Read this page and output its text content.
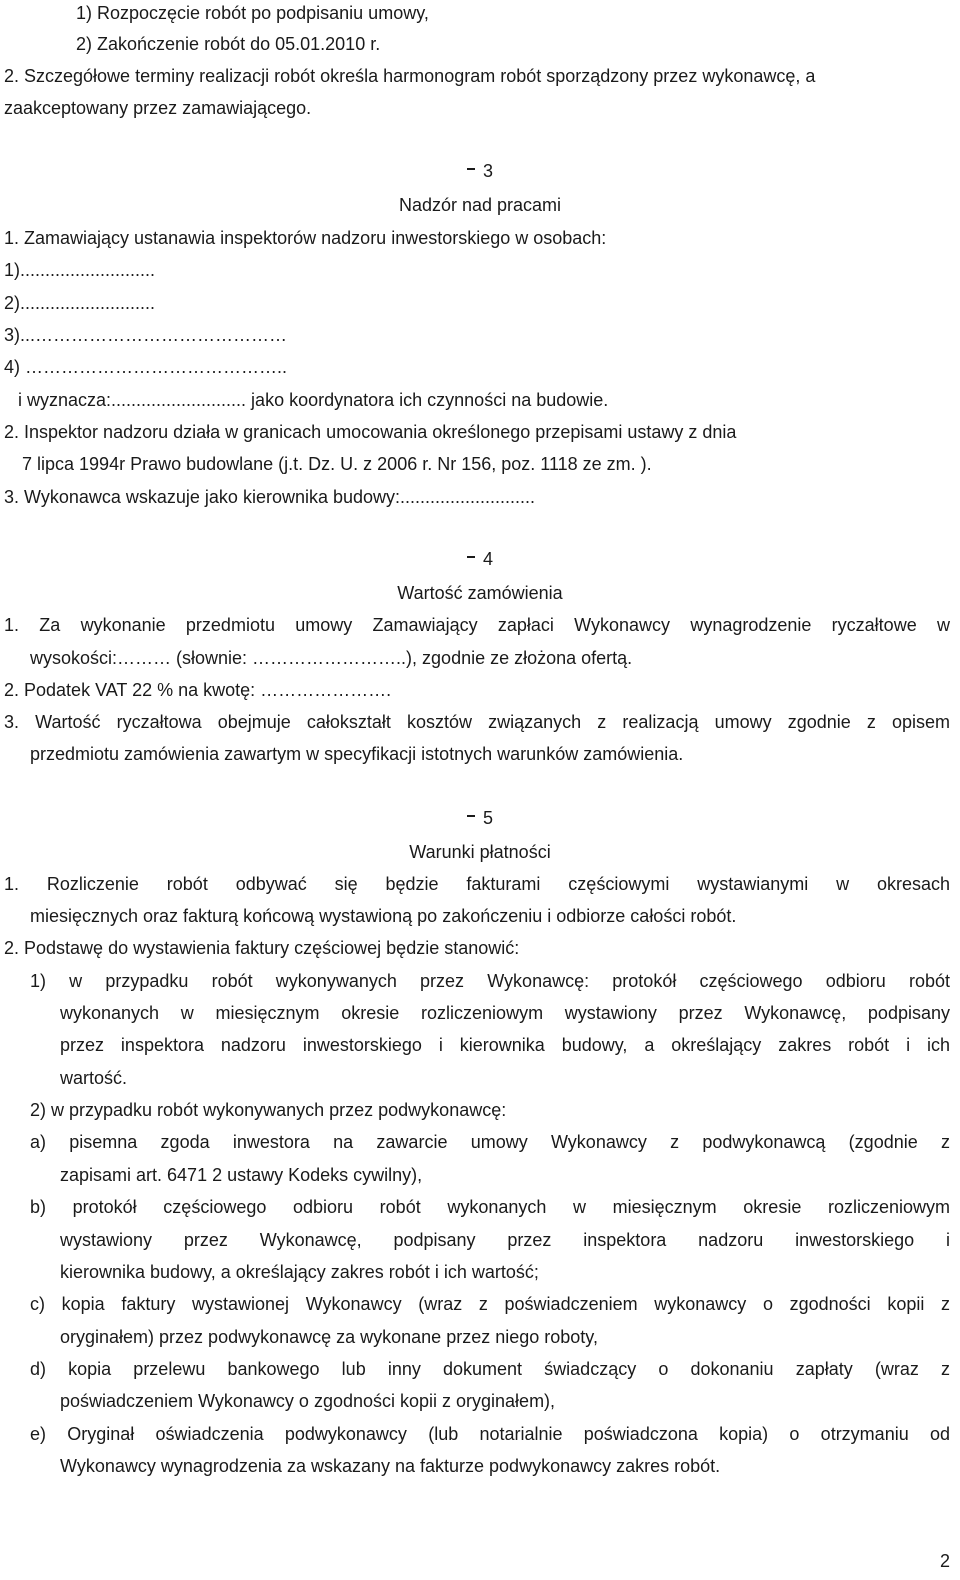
1) Rozpoczęcie robót po podpisaniu umowy,
2) Zakończenie robót do 05.01.2010 r.
2. Szczegółowe terminy realizacji robót określa harmonogram robót sporządzony przez wykonawcę, a
zaakceptowany przez zamawiającego.
3
Nadzór nad pracami
1. Zamawiający ustanawia inspektorów nadzoru inwestorskiego w osobach:
1)...........................
2)...........................
3)...……………………………………
4) ……………………………………..
i wyznacza:........................... jako koordynatora ich czynności na budowie.
2. Inspektor nadzoru działa w granicach umocowania określonego przepisami ustawy z dnia
7 lipca 1994r Prawo budowlane (j.t. Dz. U. z 2006 r. Nr 156, poz. 1118 ze zm. ).
3. Wykonawca wskazuje jako kierownika budowy:...........................
4
Wartość zamówienia
1. Za wykonanie przedmiotu umowy Zamawiający zapłaci Wykonawcy wynagrodzenie ryczałtowe w
wysokości:……… (słownie: ……………………..), zgodnie ze złożona ofertą.
2. Podatek VAT 22 % na kwotę: ………………….
3. Wartość ryczałtowa obejmuje całokształt kosztów związanych z realizacją umowy zgodnie z opisem
przedmiotu zamówienia zawartym w specyfikacji istotnych warunków zamówienia.
5
Warunki płatności
1. Rozliczenie robót odbywać się będzie fakturami częściowymi wystawianymi w okresach
miesięcznych oraz fakturą końcową wystawioną po zakończeniu i odbiorze całości robót.
2. Podstawę do wystawienia faktury częściowej będzie stanowić:
1) w przypadku robót wykonywanych przez Wykonawcę: protokół częściowego odbioru robót
wykonanych w miesięcznym okresie rozliczeniowym wystawiony przez Wykonawcę, podpisany
przez inspektora nadzoru inwestorskiego i kierownika budowy, a określający zakres robót i ich
wartość.
2) w przypadku robót wykonywanych przez podwykonawcę:
a) pisemna zgoda inwestora na zawarcie umowy Wykonawcy z podwykonawcą (zgodnie z
zapisami art. 6471 2 ustawy Kodeks cywilny),
b) protokół częściowego odbioru robót wykonanych w miesięcznym okresie rozliczeniowym
wystawiony przez Wykonawcę, podpisany przez inspektora nadzoru inwestorskiego i
kierownika budowy, a określający zakres robót i ich wartość;
c) kopia faktury wystawionej Wykonawcy (wraz z poświadczeniem wykonawcy o zgodności kopii z
oryginałem) przez podwykonawcę za wykonane przez niego roboty,
d) kopia przelewu bankowego lub inny dokument świadczący o dokonaniu zapłaty (wraz z
poświadczeniem Wykonawcy o zgodności kopii z oryginałem),
e) Oryginał oświadczenia podwykonawcy (lub notarialnie poświadczona kopia) o otrzymaniu od
Wykonawcy wynagrodzenia za wskazany na fakturze podwykonawcy zakres robót.
2
